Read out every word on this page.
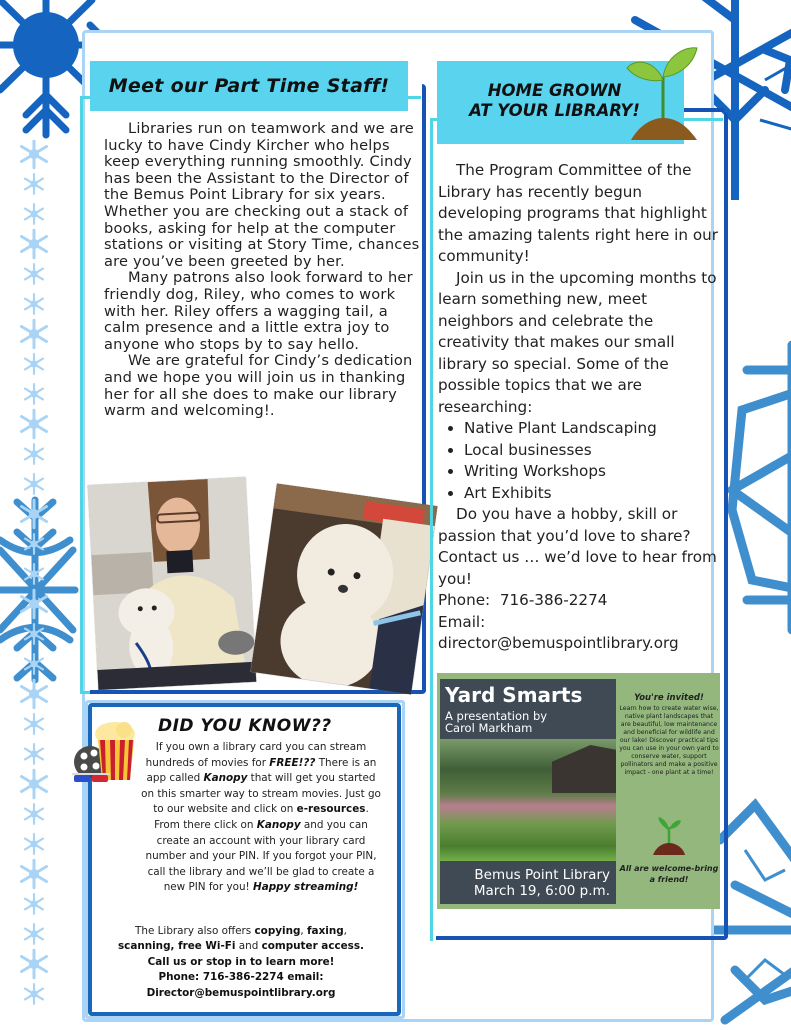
Meet our Part Time Staff!

Libraries run on teamwork and we are lucky to have Cindy Kircher who helps keep everything running smoothly. Cindy has been the Assistant to the Director of the Bemus Point Library for six years. Whether you are checking out a stack of books, asking for help at the computer stations or visiting at Story Time, chances are you’ve been greeted by her.

Many patrons also look forward to her friendly dog, Riley, who comes to work with her. Riley offers a wagging tail, a calm presence and a little extra joy to anyone who stops by to say hello.

We are grateful for Cindy’s dedication and we hope you will join us in thanking her for all she does to make our library warm and welcoming!.

HOME GROWN
AT YOUR LIBRARY!

The Program Committee of the Library has recently begun developing programs that highlight the amazing talents right here in our community!

Join us in the upcoming months to learn something new, meet neighbors and celebrate the creativity that makes our small library so special. Some of the possible topics that we are researching:

• Native Plant Landscaping
• Local businesses
• Writing Workshops
• Art Exhibits

Do you have a hobby, skill or passion that you’d love to share? Contact us … we’d love to hear from you!

Phone: 716-386-2274

Email:

director@bemuspointlibrary.org

Yard Smarts
A presentation by
Carol Markham
Bemus Point Library
March 19, 6:00 p.m.
You're invited!
Learn how to create water wise, native plant landscapes that are beautiful, low maintenance and beneficial for wildlife and our lake! Discover practical tips you can use in your own yard to conserve water, support pollinators and make a positive impact - one plant at a time!
All are welcome-bring a friend!
DID YOU KNOW??
If you own a library card you can stream hundreds of movies for FREE!?? There is an app called Kanopy that will get you started on this smarter way to stream movies. Just go to our website and click on e-resources. From there click on Kanopy and you can create an account with your library card number and your PIN. If you forgot your PIN, call the library and we’ll be glad to create a new PIN for you! Happy streaming!
The Library also offers copying, faxing,
scanning, free Wi-Fi and computer access.
Call us or stop in to learn more!
Phone: 716-386-2274 email:
Director@bemuspointlibrary.org
